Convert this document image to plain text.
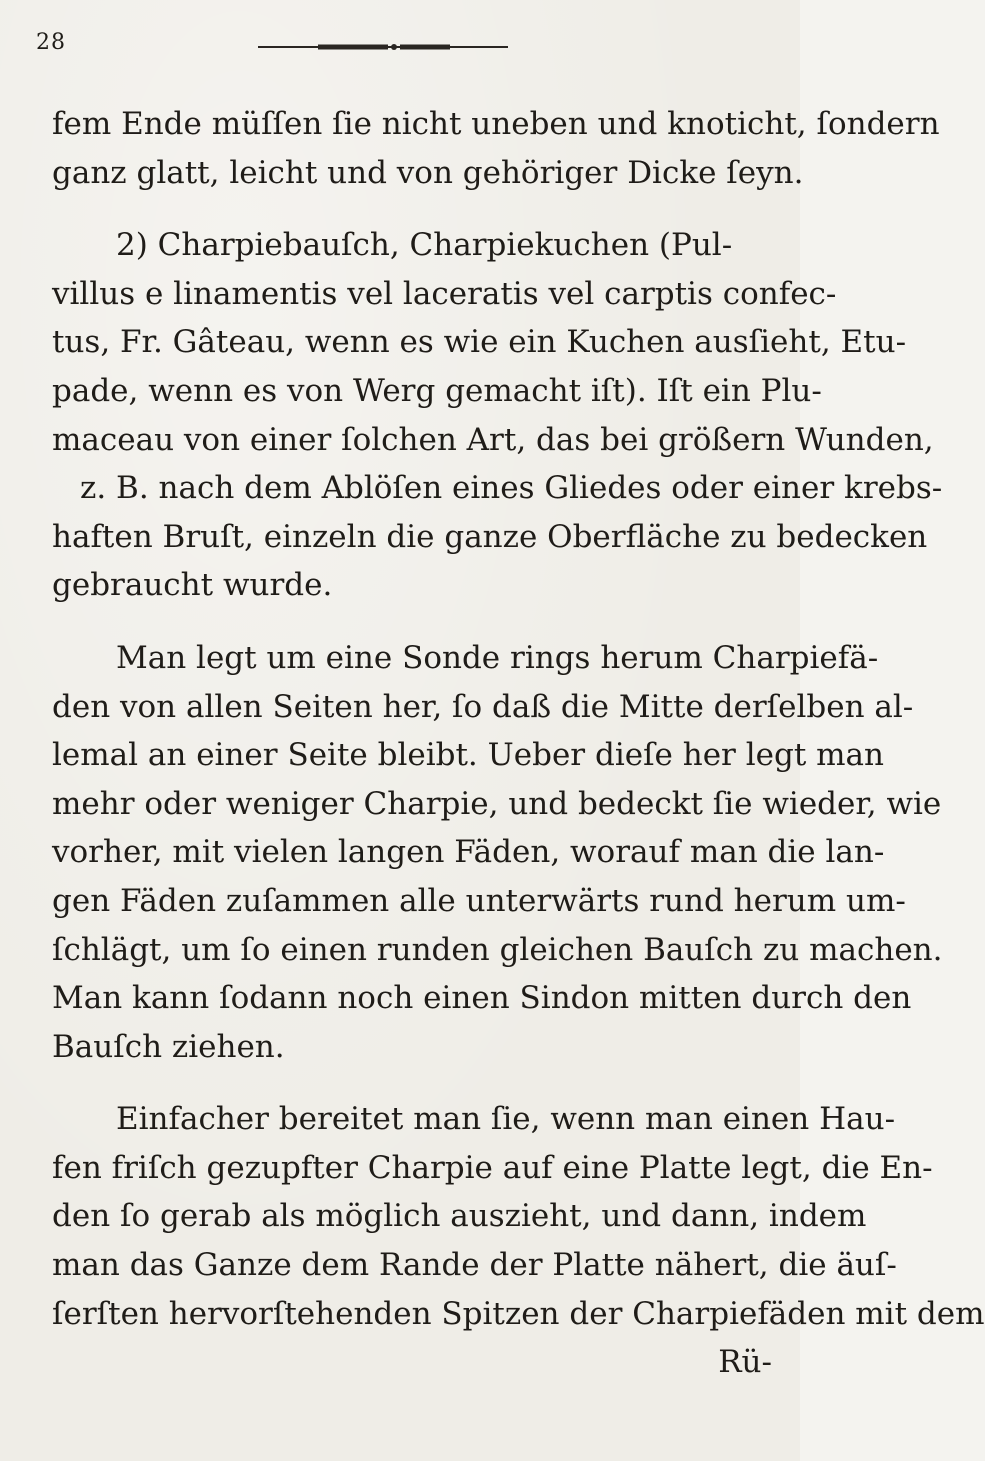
28
fem Ende müſſen ſie nicht uneben und knoticht, ſondern
ganz glatt, leicht und von gehöriger Dicke ſeyn.
2) Charpiebauſch, Charpiekuchen (Pul-
villus e linamentis vel laceratis vel carptis confec-
tus, Fr. Gâteau, wenn es wie ein Kuchen ausſieht, Etu-
pade, wenn es von Werg gemacht iſt). Iſt ein Plu-
maceau von einer ſolchen Art, das bei größern Wunden,
z. B. nach dem Ablöſen eines Gliedes oder einer krebs-
haften Bruſt, einzeln die ganze Oberfläche zu bedecken
gebraucht wurde.
Man legt um eine Sonde rings herum Charpiefä-
den von allen Seiten her, ſo daß die Mitte derſelben al-
lemal an einer Seite bleibt. Ueber dieſe her legt man
mehr oder weniger Charpie, und bedeckt ſie wieder, wie
vorher, mit vielen langen Fäden, worauf man die lan-
gen Fäden zuſammen alle unterwärts rund herum um-
ſchlägt, um ſo einen runden gleichen Bauſch zu machen.
Man kann ſodann noch einen Sindon mitten durch den
Bauſch ziehen.
Einfacher bereitet man ſie, wenn man einen Hau-
fen friſch gezupfter Charpie auf eine Platte legt, die En-
den ſo gerab als möglich auszieht, und dann, indem
man das Ganze dem Rande der Platte nähert, die äuſ-
ſerſten hervorſtehenden Spitzen der Charpiefäden mit dem
Rü-
